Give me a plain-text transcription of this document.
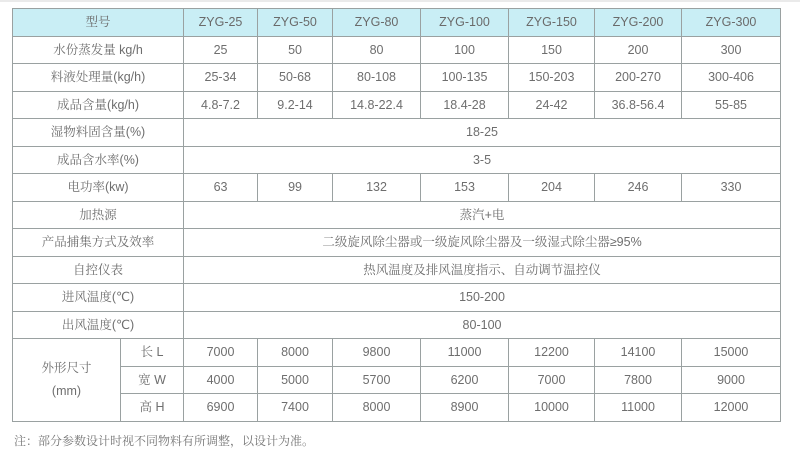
型号		ZYG-25	ZYG-50	ZYG-80	ZYG-100	ZYG-150	ZYG-200	ZYG-300
水份蒸发量 kg/h		25	50	80	100	150	200	300
料液处理量(kg/h)		25-34	50-68	80-108	100-135	150-203	200-270	300-406
成品含量(kg/h)		4.8-7.2	9.2-14	14.8-22.4	18.4-28	24-42	36.8-56.4	55-85
湿物料固含量(%)		18-25						
成品含水率(%)		3-5						
电功率(kw)		63	99	132	153	204	246	330
加热源		蒸汽+电						
产品捕集方式及效率		二级旋风除尘器或一级旋风除尘器及一级湿式除尘器≥95%						
自控仪表		热风温度及排风温度指示、自动调节温控仪						
进风温度(℃)		150-200						
出风温度(℃)		80-100						

外形尺寸
(mm)	长 L	7000	8000	9800	11000	12200	14100	15000
	宽 W	4000	5000	5700	6200	7000	7800	9000
	高 H	6900	7400	8000	8900	10000	11000	12000
注：部分参数设计时视不同物料有所调整，以设计为准。
